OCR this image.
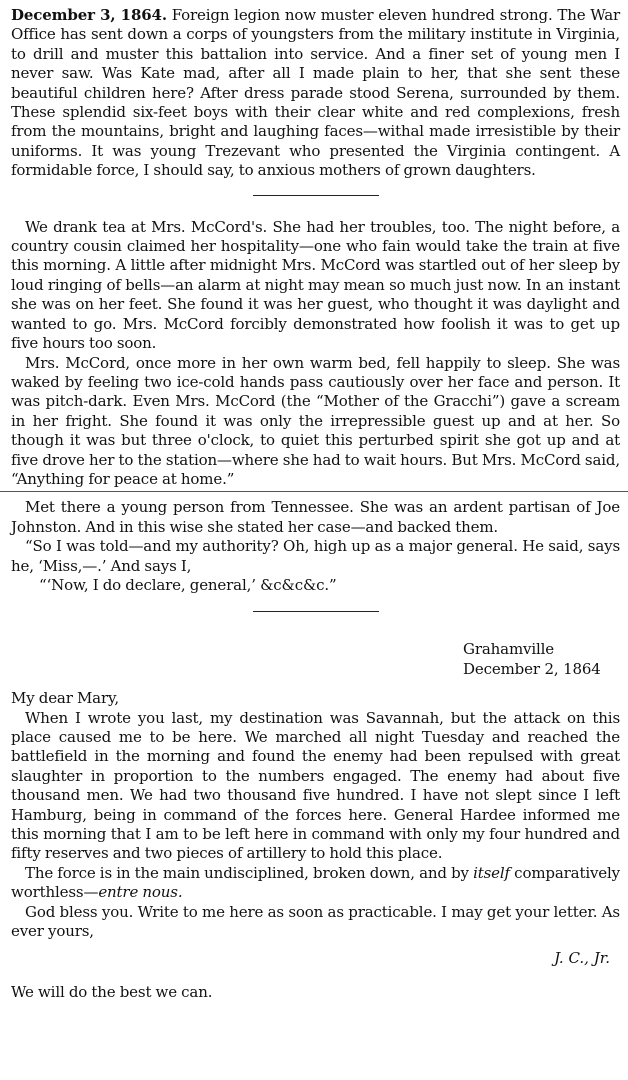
December 3, 1864. Foreign legion now muster eleven hundred strong. The War Office has sent down a corps of youngsters from the military institute in Virginia, to drill and muster this battalion into service. And a finer set of young men I never saw. Was Kate mad, after all I made plain to her, that she sent these beautiful children here? After dress parade stood Serena, surrounded by them. These splendid six-feet boys with their clear white and red complexions, fresh from the mountains, bright and laughing faces—withal made irresistible by their uniforms. It was young Trezevant who presented the Virginia contingent. A formidable force, I should say, to anxious mothers of grown daughters.

We drank tea at Mrs. McCord's. She had her troubles, too. The night before, a country cousin claimed her hospitality—one who fain would take the train at five this morning. A little after midnight Mrs. McCord was startled out of her sleep by loud ringing of bells—an alarm at night may mean so much just now. In an instant she was on her feet. She found it was her guest, who thought it was daylight and wanted to go. Mrs. McCord forcibly demonstrated how foolish it was to get up five hours too soon.

Mrs. McCord, once more in her own warm bed, fell happily to sleep. She was waked by feeling two ice-cold hands pass cautiously over her face and person. It was pitch-dark. Even Mrs. McCord (the “Mother of the Gracchi”) gave a scream in her fright. She found it was only the irrepressible guest up and at her. So though it was but three o'clock, to quiet this perturbed spirit she got up and at five drove her to the station—where she had to wait hours. But Mrs. McCord said, “Anything for peace at home.”

Met there a young person from Tennessee. She was an ardent partisan of Joe Johnston. And in this wise she stated her case—and backed them.

“So I was told—and my authority? Oh, high up as a major general. He said, says he, ‘Miss,—.’ And says I,

“‘Now, I do declare, general,’ &c&c&c.”

Grahamville
December 2, 1864

My dear Mary,

When I wrote you last, my destination was Savannah, but the attack on this place caused me to be here. We marched all night Tuesday and reached the battlefield in the morning and found the enemy had been repulsed with great slaughter in proportion to the numbers engaged. The enemy had about five thousand men. We had two thousand five hundred. I have not slept since I left Hamburg, being in command of the forces here. General Hardee informed me this morning that I am to be left here in command with only my four hundred and fifty reserves and two pieces of artillery to hold this place.

The force is in the main undisciplined, broken down, and by itself comparatively worthless—entre nous.

God bless you. Write to me here as soon as practicable. I may get your letter. As ever yours,

J. C., Jr.

We will do the best we can.
